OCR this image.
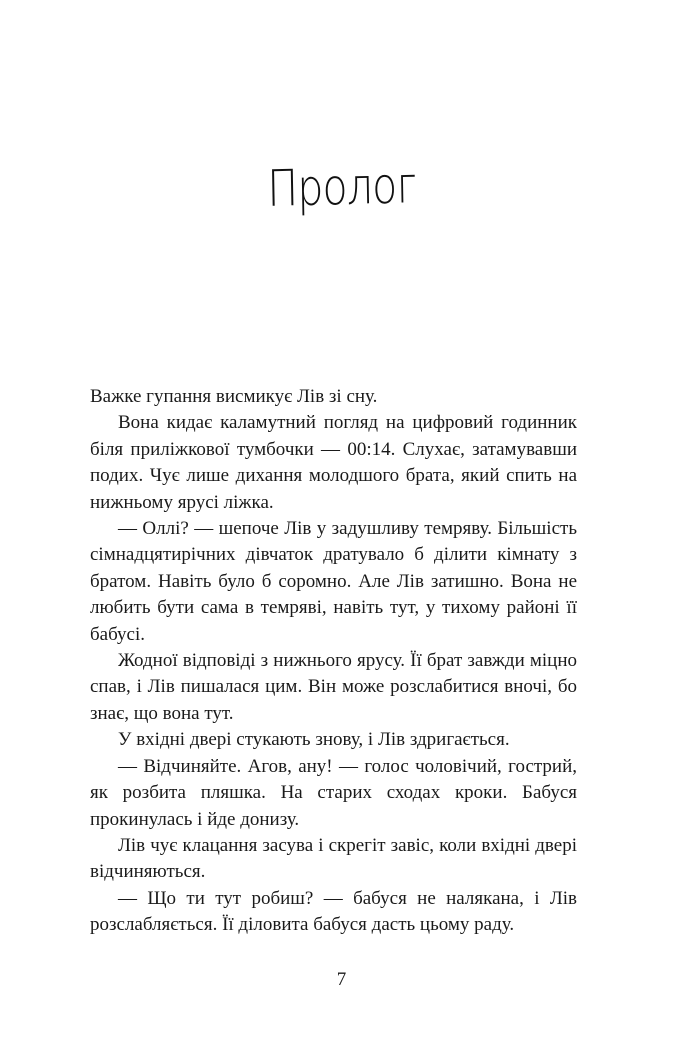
Пролог

Важке гупання висмикує Лів зі сну.

Вона кидає каламутний погляд на цифровий годинник біля приліжкової тумбочки — 00:14. Слухає, затамувавши подих. Чує лише дихання молодшого брата, який спить на нижньому ярусі ліжка.

— Оллі? — шепоче Лів у задушливу темряву. Більшість сімнадцятирічних дівчаток дратувало б ділити кімнату з братом. Навіть було б соромно. Але Лів затишно. Вона не любить бути сама в темряві, навіть тут, у тихому районі її бабусі.

Жодної відповіді з нижнього ярусу. Її брат завжди міцно спав, і Лів пишалася цим. Він може розслабитися вночі, бо знає, що вона тут.

У вхідні двері стукають знову, і Лів здригається.

— Відчиняйте. Агов, ану! — голос чоловічий, гострий, як розбита пляшка. На старих сходах кроки. Бабуся прокинулась і йде донизу.

Лів чує клацання засува і скрегіт завіс, коли вхідні двері відчиняються.

— Що ти тут робиш? — бабуся не налякана, і Лів розслабляється. Її діловита бабуся дасть цьому раду.

7
